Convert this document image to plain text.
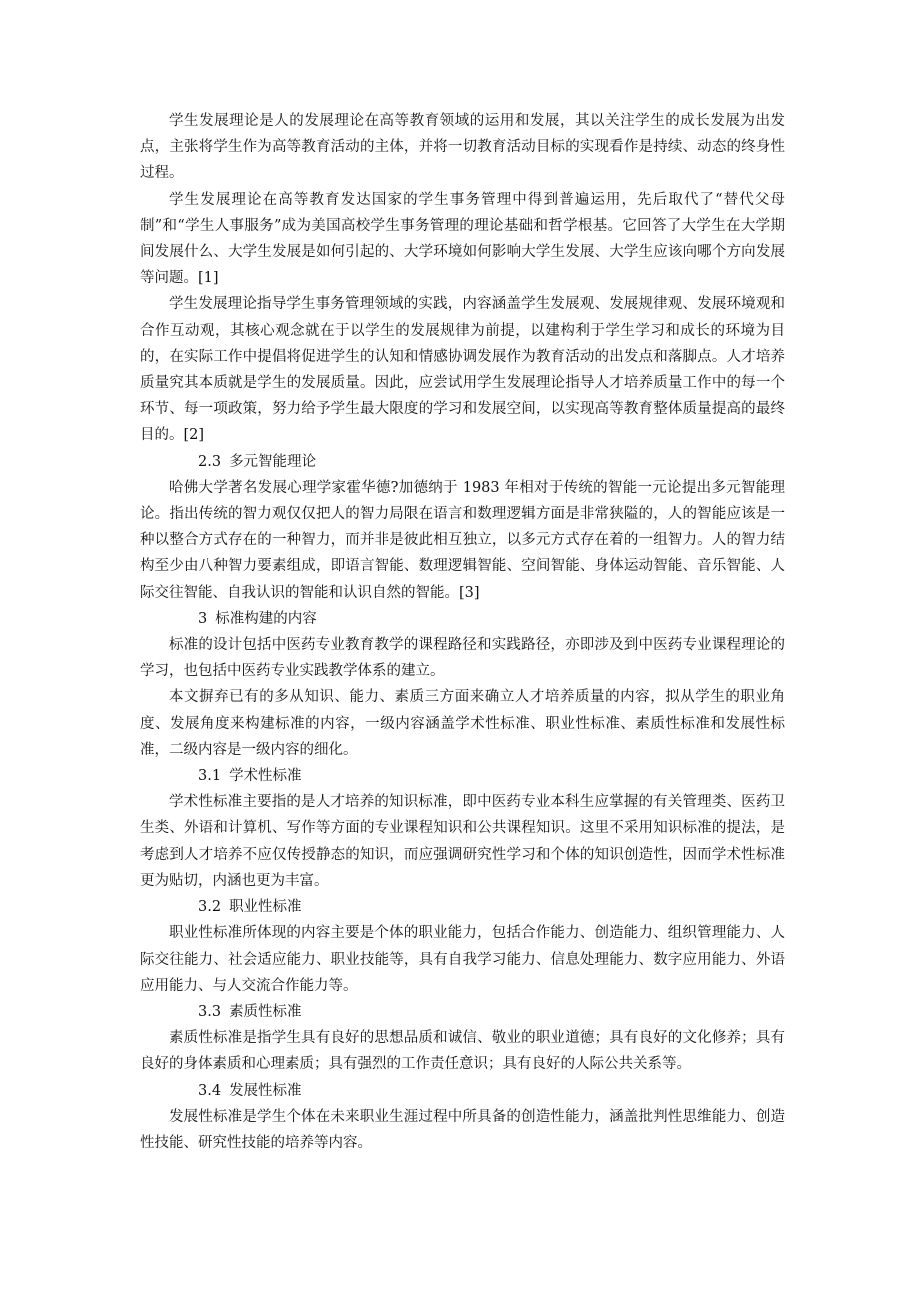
学生发展理论是人的发展理论在高等教育领域的运用和发展，其以关注学生的成长发展为出发点，主张将学生作为高等教育活动的主体，并将一切教育活动目标的实现看作是持续、动态的终身性过程。

学生发展理论在高等教育发达国家的学生事务管理中得到普遍运用，先后取代了“替代父母制”和“学生人事服务”成为美国高校学生事务管理的理论基础和哲学根基。它回答了大学生在大学期间发展什么、大学生发展是如何引起的、大学环境如何影响大学生发展、大学生应该向哪个方向发展等问题。[1]

学生发展理论指导学生事务管理领域的实践，内容涵盖学生发展观、发展规律观、发展环境观和合作互动观，其核心观念就在于以学生的发展规律为前提，以建构利于学生学习和成长的环境为目的，在实际工作中提倡将促进学生的认知和情感协调发展作为教育活动的出发点和落脚点。人才培养质量究其本质就是学生的发展质量。因此，应尝试用学生发展理论指导人才培养质量工作中的每一个环节、每一项政策，努力给予学生最大限度的学习和发展空间，以实现高等教育整体质量提高的最终目的。[2]

2.3 多元智能理论

哈佛大学著名发展心理学家霍华德?加德纳于 1983 年相对于传统的智能一元论提出多元智能理论。指出传统的智力观仅仅把人的智力局限在语言和数理逻辑方面是非常狭隘的，人的智能应该是一种以整合方式存在的一种智力，而并非是彼此相互独立，以多元方式存在着的一组智力。人的智力结构至少由八种智力要素组成，即语言智能、数理逻辑智能、空间智能、身体运动智能、音乐智能、人际交往智能、自我认识的智能和认识自然的智能。[3]

3 标准构建的内容

标准的设计包括中医药专业教育教学的课程路径和实践路径，亦即涉及到中医药专业课程理论的学习，也包括中医药专业实践教学体系的建立。

本文摒弃已有的多从知识、能力、素质三方面来确立人才培养质量的内容，拟从学生的职业角度、发展角度来构建标准的内容，一级内容涵盖学术性标准、职业性标准、素质性标准和发展性标准，二级内容是一级内容的细化。

3.1 学术性标准

学术性标准主要指的是人才培养的知识标准，即中医药专业本科生应掌握的有关管理类、医药卫生类、外语和计算机、写作等方面的专业课程知识和公共课程知识。这里不采用知识标准的提法，是考虑到人才培养不应仅传授静态的知识，而应强调研究性学习和个体的知识创造性，因而学术性标准更为贴切，内涵也更为丰富。

3.2 职业性标准

职业性标准所体现的内容主要是个体的职业能力，包括合作能力、创造能力、组织管理能力、人际交往能力、社会适应能力、职业技能等，具有自我学习能力、信息处理能力、数字应用能力、外语应用能力、与人交流合作能力等。

3.3 素质性标准

素质性标准是指学生具有良好的思想品质和诚信、敬业的职业道德；具有良好的文化修养；具有良好的身体素质和心理素质；具有强烈的工作责任意识；具有良好的人际公共关系等。

3.4 发展性标准

发展性标准是学生个体在未来职业生涯过程中所具备的创造性能力，涵盖批判性思维能力、创造性技能、研究性技能的培养等内容。
